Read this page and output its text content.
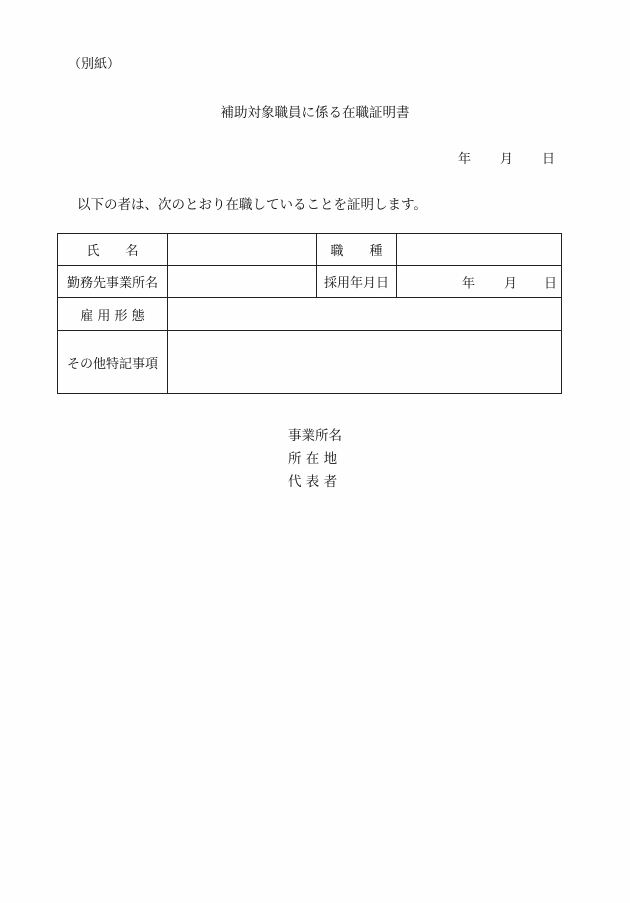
（別紙）
補助対象職員に係る在職証明書
年 月 日
以下の者は、次のとおり在職していることを証明します。
氏　　名		職　　種	
勤務先事業所名		採用年月日	年 月 日

雇 用 形 態			
その他特記事項			
事業所名
所 在 地
代 表 者
